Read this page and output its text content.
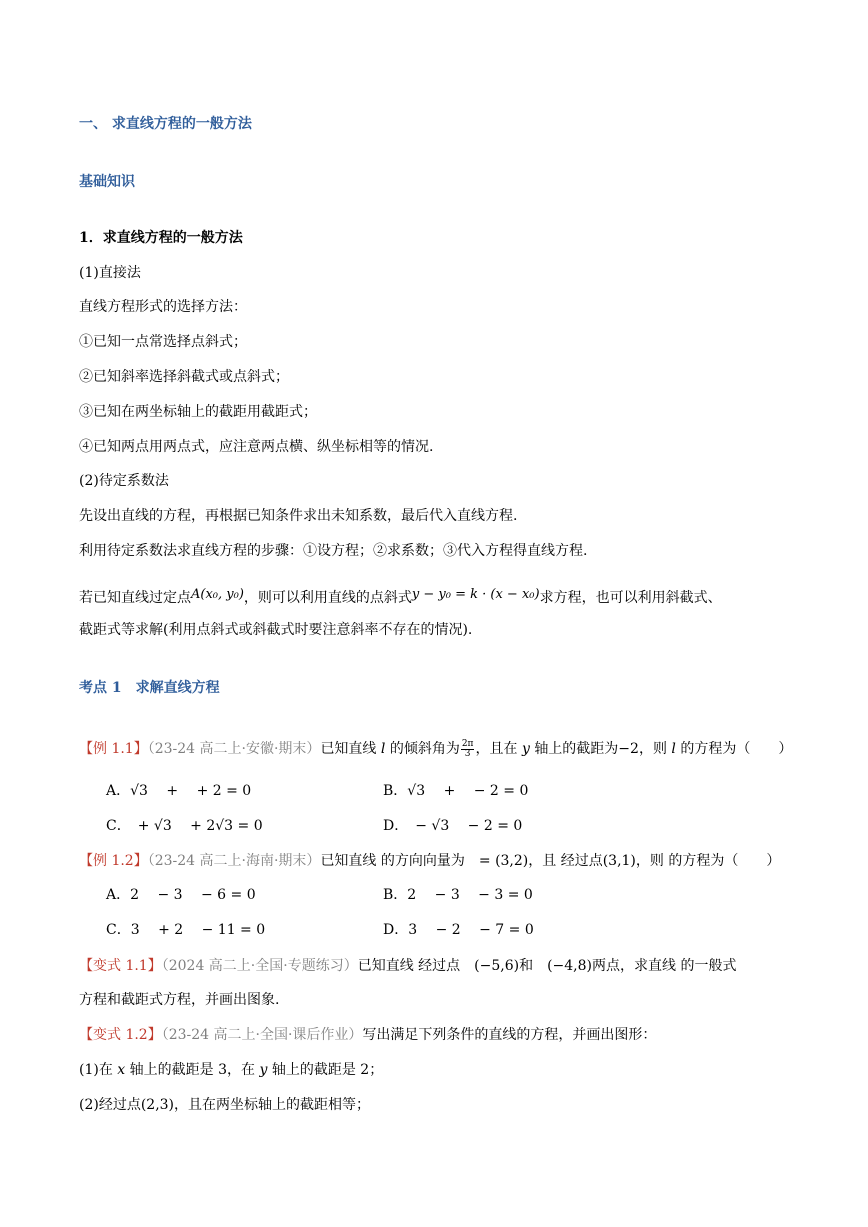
一、 求直线方程的一般方法
基础知识
1．求直线方程的一般方法
(1)直接法
直线方程形式的选择方法：
①已知一点常选择点斜式；
②已知斜率选择斜截式或点斜式；
③已知在两坐标轴上的截距用截距式；
④已知两点用两点式，应注意两点横、纵坐标相等的情况.
(2)待定系数法
先设出直线的方程，再根据已知条件求出未知系数，最后代入直线方程.
利用待定系数法求直线方程的步骤：①设方程；②求系数；③代入方程得直线方程.
若已知直线过定点A(x₀, y₀)，则可以利用直线的点斜式y − y₀ = k · (x − x₀)求方程，也可以利用斜截式、
截距式等求解(利用点斜式或斜截式时要注意斜率不存在的情况).
考点 1　求解直线方程
【例 1.1】（23-24 高二上·安徽·期末）已知直线 l 的倾斜角为 $\frac{2\pi}{3}$ ，且在 y 轴上的截距为−2，则 l 的方程为（　　）
A．√3 　+ 　+ 2 = 0	B．√3 　+ 　− 2 = 0
C．　+ √3 　+ 2√3 = 0	D．　− √3 　− 2 = 0
【例 1.2】（23-24 高二上·海南·期末）已知直线 的方向向量为　= (3,2)，且 经过点(3,1)，则 的方程为（　　）
A．2 　− 3 　− 6 = 0	B．2 　− 3 　− 3 = 0
C．3 　+ 2 　− 11 = 0	D．3 　− 2 　− 7 = 0
【变式 1.1】（2024 高二上·全国·专题练习）已知直线 经过点　(−5,6)和　(−4,8)两点，求直线 的一般式
方程和截距式方程，并画出图象.
【变式 1.2】（23-24 高二上·全国·课后作业）写出满足下列条件的直线的方程，并画出图形：
(1)在 x 轴上的截距是 3，在 y 轴上的截距是 2；
(2)经过点(2,3)，且在两坐标轴上的截距相等；
